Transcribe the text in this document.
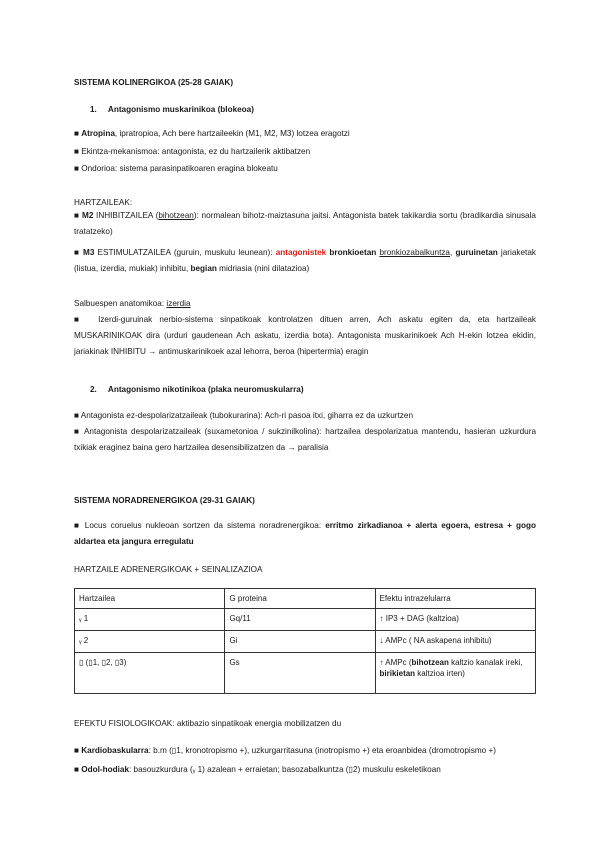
SISTEMA KOLINERGIKOA (25-28 GAIAK)
1. Antagonismo muskarinikoa (blokeoa)
■ Atropina, ipratropioa, Ach bere hartzaileekin (M1, M2, M3) lotzea eragotzi
■ Ekintza-mekanismoa: antagonista, ez du hartzailerik aktibatzen
■ Ondorioa: sistema parasinpatikoaren eragina blokeatu
HARTZAILEAK:
■ M2 INHIBITZAILEA (bihotzean): normalean bihotz-maiztasuna jaitsi. Antagonista batek takikardia sortu (bradikardia sinusala tratatzeko)
■ M3 ESTIMULATZAILEA (guruin, muskulu leunean): antagonistek bronkioetan bronkiozabalkuntza, guruinetan jariaketak (listua, izerdia, mukiak) inhibitu, begian midriasia (nini dilatazioa)
Salbuespen anatomikoa: izerdia
■ Izerdi-guruinak nerbio-sistema sinpatikoak kontrolatzen dituen arren, Ach askatu egiten da, eta hartzaileak MUSKARINIKOAK dira (urduri gaudenean Ach askatu, izerdia bota). Antagonista muskarinikoek Ach H-ekin lotzea ekidin, jariakinak INHIBITU → antimuskarinikoek azal lehorra, beroa (hipertermia) eragin
2. Antagonismo nikotinikoa (plaka neuromuskularra)
■ Antagonista ez-despolarizatzaileak (tubokurarina): Ach-ri pasoa itxi, giharra ez da uzkurtzen
■ Antagonista despolarizatzaileak (suxametonioa / sukzinilkolina): hartzailea despolarizatua mantendu, hasieran uzkurdura txikiak eraginez baina gero hartzailea desensibilizatzen da → paralisia
SISTEMA NORADRENERGIKOA (29-31 GAIAK)
■ Locus coruelus nukleoan sortzen da sistema noradrenergikoa: erritmo zirkadianoa + alerta egoera, estresa + gogo aldartea eta jangura erregulatu
HARTZAILE ADRENERGIKOAK + SEINALIZAZIOA
Hartzailea	G proteina	Efektu intrazelularra
ᵧ 1	Gq/11	↑ IP3 + DAG (kaltzioa)
ᵧ 2	Gi	↓ AMPc ( NA askapena inhibitu)
▯ (▯1, ▯2, ▯3)	Gs	↑ AMPc (bihotzean kaltzio kanalak ireki, birikietan kaltzioa irten)
EFEKTU FISIOLOGIKOAK: aktibazio sinpatikoak energia mobilizatzen du
■ Kardiobaskularra: b.m (▯1, kronotropismo +), uzkurgarritasuna (inotropismo +) eta eroanbidea (dromotropismo +)
■ Odol-hodiak: basouzkurdura (ᵧ 1) azalean + erraietan; basozabalkuntza (▯2) muskulu eskeletikoan
